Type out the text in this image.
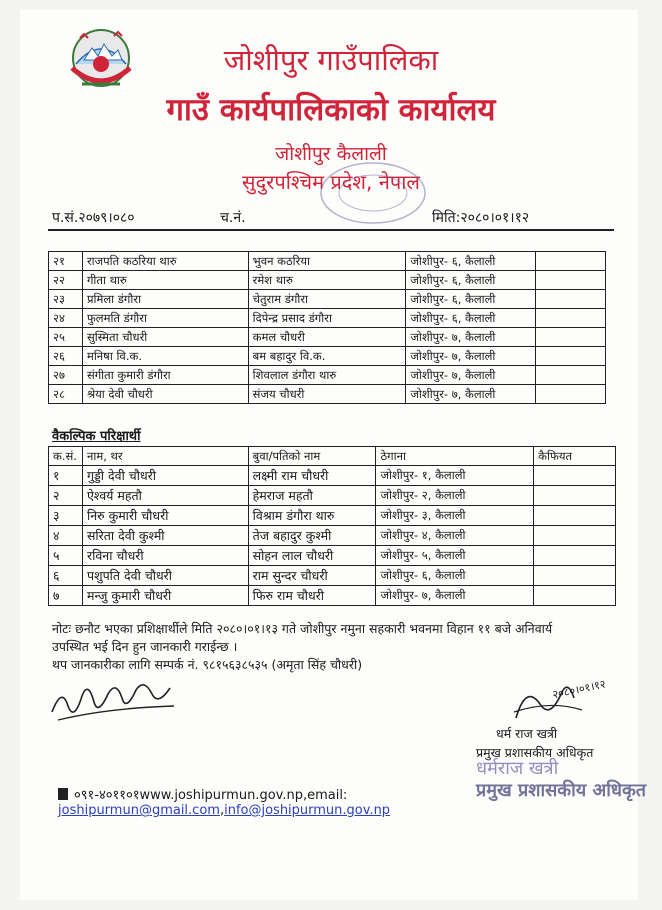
जोशीपुर गाउँपालिका
गाउँ कार्यपालिकाको कार्यालय
जोशीपुर कैलाली
सुदुरपश्चिम प्रदेश, नेपाल
प.सं.२०७९।०८०	च.नं.	मिति:२०८०।०१।१२
२१	राजपति कठरिया थारु	भुवन कठरिया	जोशीपुर- ६, कैलाली	
२२	गीता थारु	रमेश थारु	जोशीपुर- ६, कैलाली	
२३	प्रमिला डंगौरा	चेतुराम डंगौरा	जोशीपुर- ६, कैलाली	
२४	फुलमति डंगौरा	दिपेन्द्र प्रसाद डंगौरा	जोशीपुर- ६, कैलाली	
२५	सुस्मिता चौधरी	कमल चौधरी	जोशीपुर- ७, कैलाली	
२६	मनिषा वि.क.	बम बहादुर वि.क.	जोशीपुर- ७, कैलाली	
२७	संगीता कुमारी डंगौरा	शिवलाल डंगौरा थारु	जोशीपुर- ७, कैलाली	
२८	श्रेया देवी चौधरी	संजय चौधरी	जोशीपुर- ७, कैलाली	
वैकल्पिक परिक्षार्थी
क.सं.	नाम, थर	बुवा/पतिको नाम	ठेगाना	कैफियत
१	गुड्डी देवी चौधरी	लक्ष्मी राम चौधरी	जोशीपुर- १, कैलाली	
२	ऐश्वर्य महतौ	हेमराज महतौ	जोशीपुर- २, कैलाली	
३	निरु कुमारी चौधरी	विश्राम डंगौरा थारु	जोशीपुर- ३, कैलाली	
४	सरिता देवी कुश्मी	तेज बहादुर कुश्मी	जोशीपुर- ४, कैलाली	
५	रविना चौधरी	सोहन लाल चौधरी	जोशीपुर- ५, कैलाली	
६	पशुपति देवी चौधरी	राम सुन्दर चौधरी	जोशीपुर- ६, कैलाली	
७	मन्जु कुमारी चौधरी	फिरु राम चौधरी	जोशीपुर- ७, कैलाली	
नोटः छनौट भएका प्रशिक्षार्थीले मिति २०८०।०१।१३ गते जोशीपुर नमुना सहकारी भवनमा विहान ११ बजे अनिवार्य
उपस्थित भई दिन हुन जानकारी गराईन्छ ।
थप जानकारीका लागि सम्पर्क नं. ९८१५६३८५३५ (अमृता सिंह चौधरी)
२०८०।०१।१२
धर्म राज खत्री
प्रमुख प्रशासकीय अधिकृत
धर्मराज खत्री
प्रमुख प्रशासकीय अधिकृत
०९१-४०११०१www.joshipurmun.gov.np,email: joshipurmun@gmail.com,info@joshipurmun.gov.np
